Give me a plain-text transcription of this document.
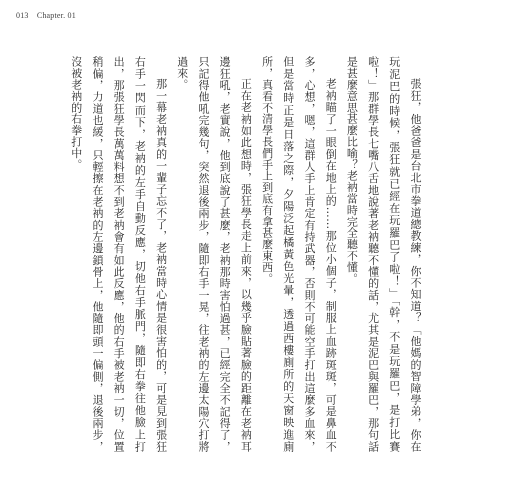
013 Chapter. 01

張狂，他爸爸是台北市拳道總教練，你不知道？「他媽的智障學弟，你在玩泥巴的時候，張狂就已經在玩羅巴了啦！」「幹，不是玩羅巴，是打比賽啦！」那群學長七嘴八舌地說著老衲聽不懂的話，尤其是泥巴與羅巴，那句話是甚麼意思甚麼比喻？老衲當時完全聽不懂。

老衲瞄了一眼倒在地上的……那位小個子，制服上血跡斑斑，可是鼻血不多，心想，嗯，這群人手上肯定有持武器，否則不可能空手打出這麼多血來，但是當時正是日落之際，夕陽泛起橘黃色光暈，透過西樓廁所的天窗映進廁所，真看不清學長們手上到底有拿甚麼東西。

正在老衲如此想時，張狂學長走上前來，以幾乎臉貼著臉的距離在老衲耳邊狂吼，老實說，他到底說了甚麼，老衲那時害怕過甚，已經完全不記得了，只記得他吼完幾句，突然退後兩步，隨即右手一晃，往老衲的左邊太陽穴打將過來。

那一幕老衲真的一輩子忘不了，老衲當時心情是很害怕的，可是見到張狂右手一閃而下，老衲的左手自動反應，切他右手脈門，隨即右拳往他臉上打出，那張狂學長萬萬料想不到老衲會有如此反應，他的右手被老衲一切，位置稍偏，力道也緩，只輕擦在老衲的左邊鎖骨上，他隨即頭一偏側，退後兩步，沒被老衲的右拳打中。
